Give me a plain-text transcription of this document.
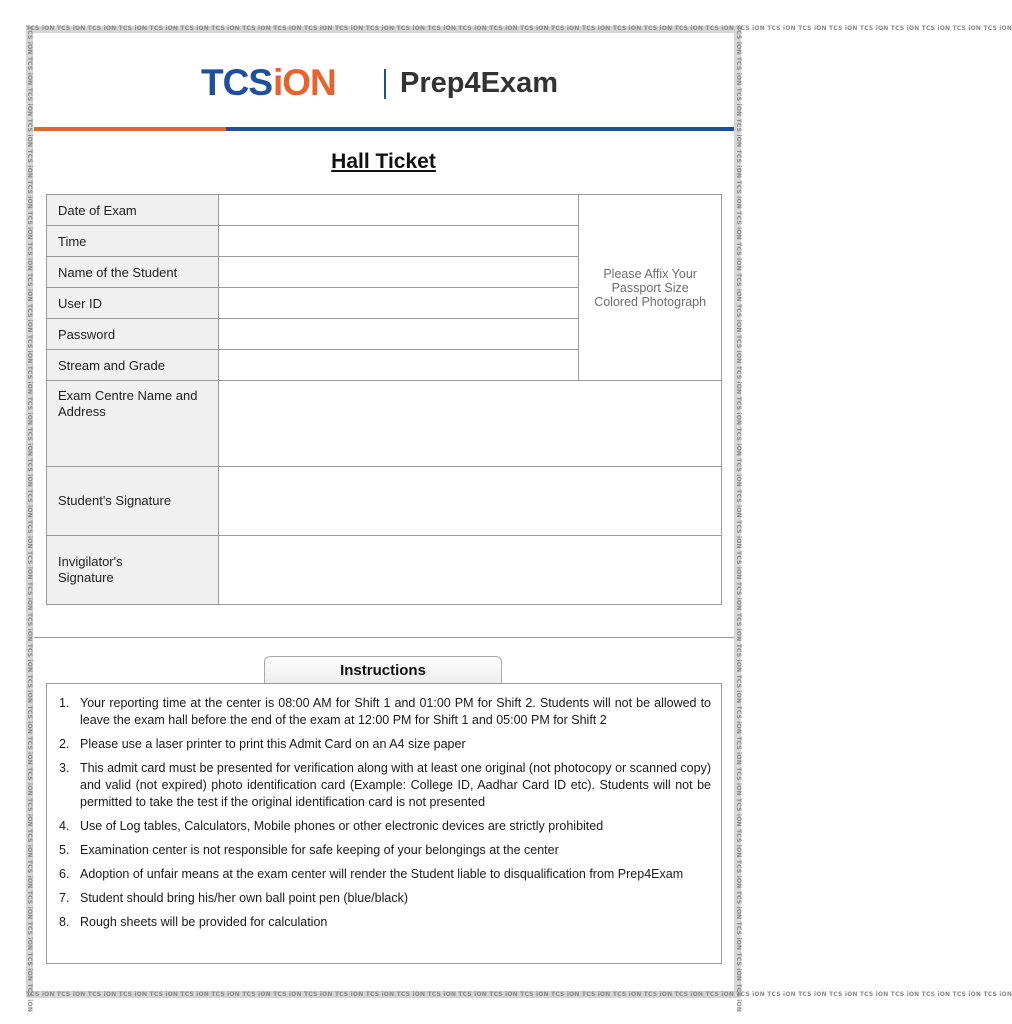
TCS iON TCS iON TCS iON TCS iON TCS iON TCS iON TCS iON TCS iON TCS iON TCS iON TCS iON TCS iON TCS iON TCS iON TCS iON TCS iON TCS iON TCS iON TCS iON TCS iON TCS iON TCS iON TCS iON TCS iON TCS iON TCS iON TCS iON TCS iON TCS iON TCS iON TCS iON TCS iON
TCS iON TCS iON TCS iON TCS iON TCS iON TCS iON TCS iON TCS iON TCS iON TCS iON TCS iON TCS iON TCS iON TCS iON TCS iON TCS iON TCS iON TCS iON TCS iON TCS iON TCS iON TCS iON TCS iON TCS iON TCS iON TCS iON TCS iON TCS iON TCS iON TCS iON TCS iON TCS iON
TCS iON TCS iON TCS iON TCS iON TCS iON TCS iON TCS iON TCS iON TCS iON TCS iON TCS iON TCS iON TCS iON TCS iON TCS iON TCS iON TCS iON TCS iON TCS iON TCS iON TCS iON TCS iON TCS iON TCS iON TCS iON TCS iON TCS iON TCS iON TCS iON TCS iON TCS iON TCS iON	TCS iON TCS iON TCS iON TCS iON TCS iON TCS iON TCS iON TCS iON TCS iON TCS iON TCS iON TCS iON TCS iON TCS iON TCS iON TCS iON TCS iON TCS iON TCS iON TCS iON TCS iON TCS iON TCS iON TCS iON TCS iON TCS iON TCS iON TCS iON TCS iON TCS iON TCS iON TCS iON
TCS iON Prep4Exam
Hall Ticket
Date of Exam		Please Affix Your Passport Size Colored Photograph

Time		
Name of the Student		
User ID		
Password		
Stream and Grade		
Exam Centre Name and Address		
Student's Signature		
Invigilator's Signature		
Instructions
1. Your reporting time at the center is 08:00 AM for Shift 1 and 01:00 PM for Shift 2. Students will not be allowed to leave the exam hall before the end of the exam at 12:00 PM for Shift 1 and 05:00 PM for Shift 2
2. Please use a laser printer to print this Admit Card on an A4 size paper
3. This admit card must be presented for verification along with at least one original (not photocopy or scanned copy) and valid (not expired) photo identification card (Example: College ID, Aadhar Card ID etc). Students will not be permitted to take the test if the original identification card is not presented
4. Use of Log tables, Calculators, Mobile phones or other electronic devices are strictly prohibited
5. Examination center is not responsible for safe keeping of your belongings at the center
6. Adoption of unfair means at the exam center will render the Student liable to disqualification from Prep4Exam
7. Student should bring his/her own ball point pen (blue/black)
8. Rough sheets will be provided for calculation
